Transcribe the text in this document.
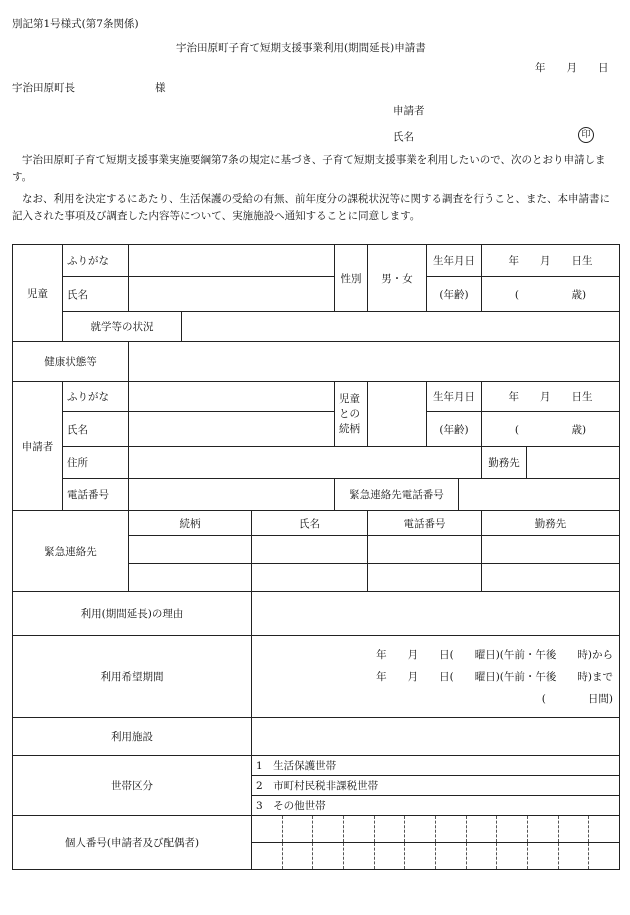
別記第1号様式(第7条関係)
宇治田原町子育て短期支援事業利用(期間延長)申請書
年　　月　　日
宇治田原町長	様
申請者
氏名	印
宇治田原町子育て短期支援事業実施要綱第7条の規定に基づき、子育て短期支援事業を利用したいので、次のとおり申請します。
なお、利用を決定するにあたり、生活保護の受給の有無、前年度分の課税状況等に関する調査を行うこと、また、本申請書に記入された事項及び調査した内容等について、実施施設へ通知することに同意します。
児童	ふりがな				性別	男・女	生年月日		年　　月　　日生	
	氏名						(年齢)		(　　　　　歳)	
	就学等の状況									
健康状態等										
申請者	ふりがな				児童との続柄		生年月日		年　　月　　日生	
	氏名						(年齢)		(　　　　　歳)	
	住所								勤務先	
	電話番号				緊急連絡先電話番号					
緊急連絡先		続柄		氏名		電話番号			勤務先	

利用(期間延長)の理由										
利用希望期間				年　　月　　日(　　曜日)(午前・午後　　時)から
年　　月　　日(　　曜日)(午前・午後　　時)まで
(　　　　日間)						

利用施設										
世帯区分				1　生活保護世帯						
				2　市町村民税非課税世帯						
				3　その他世帯						
個人番号(申請者及び配偶者)										
